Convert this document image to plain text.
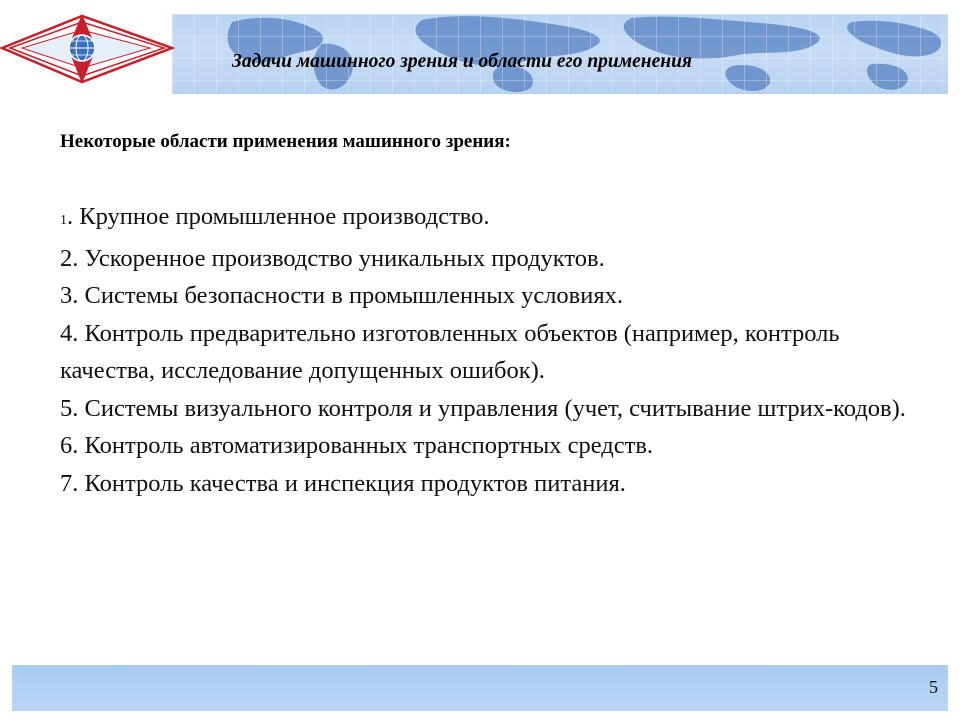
Задачи машинного зрения и области его применения
Некоторые области применения машинного зрения:
1. Крупное промышленное производство.
2. Ускоренное производство уникальных продуктов.
3. Системы безопасности в промышленных условиях.
4. Контроль предварительно изготовленных объектов (например, контроль качества, исследование допущенных ошибок).
5. Системы визуального контроля и управления (учет, считывание штрих-кодов).
6. Контроль автоматизированных транспортных средств.
7. Контроль качества и инспекция продуктов питания.
5
